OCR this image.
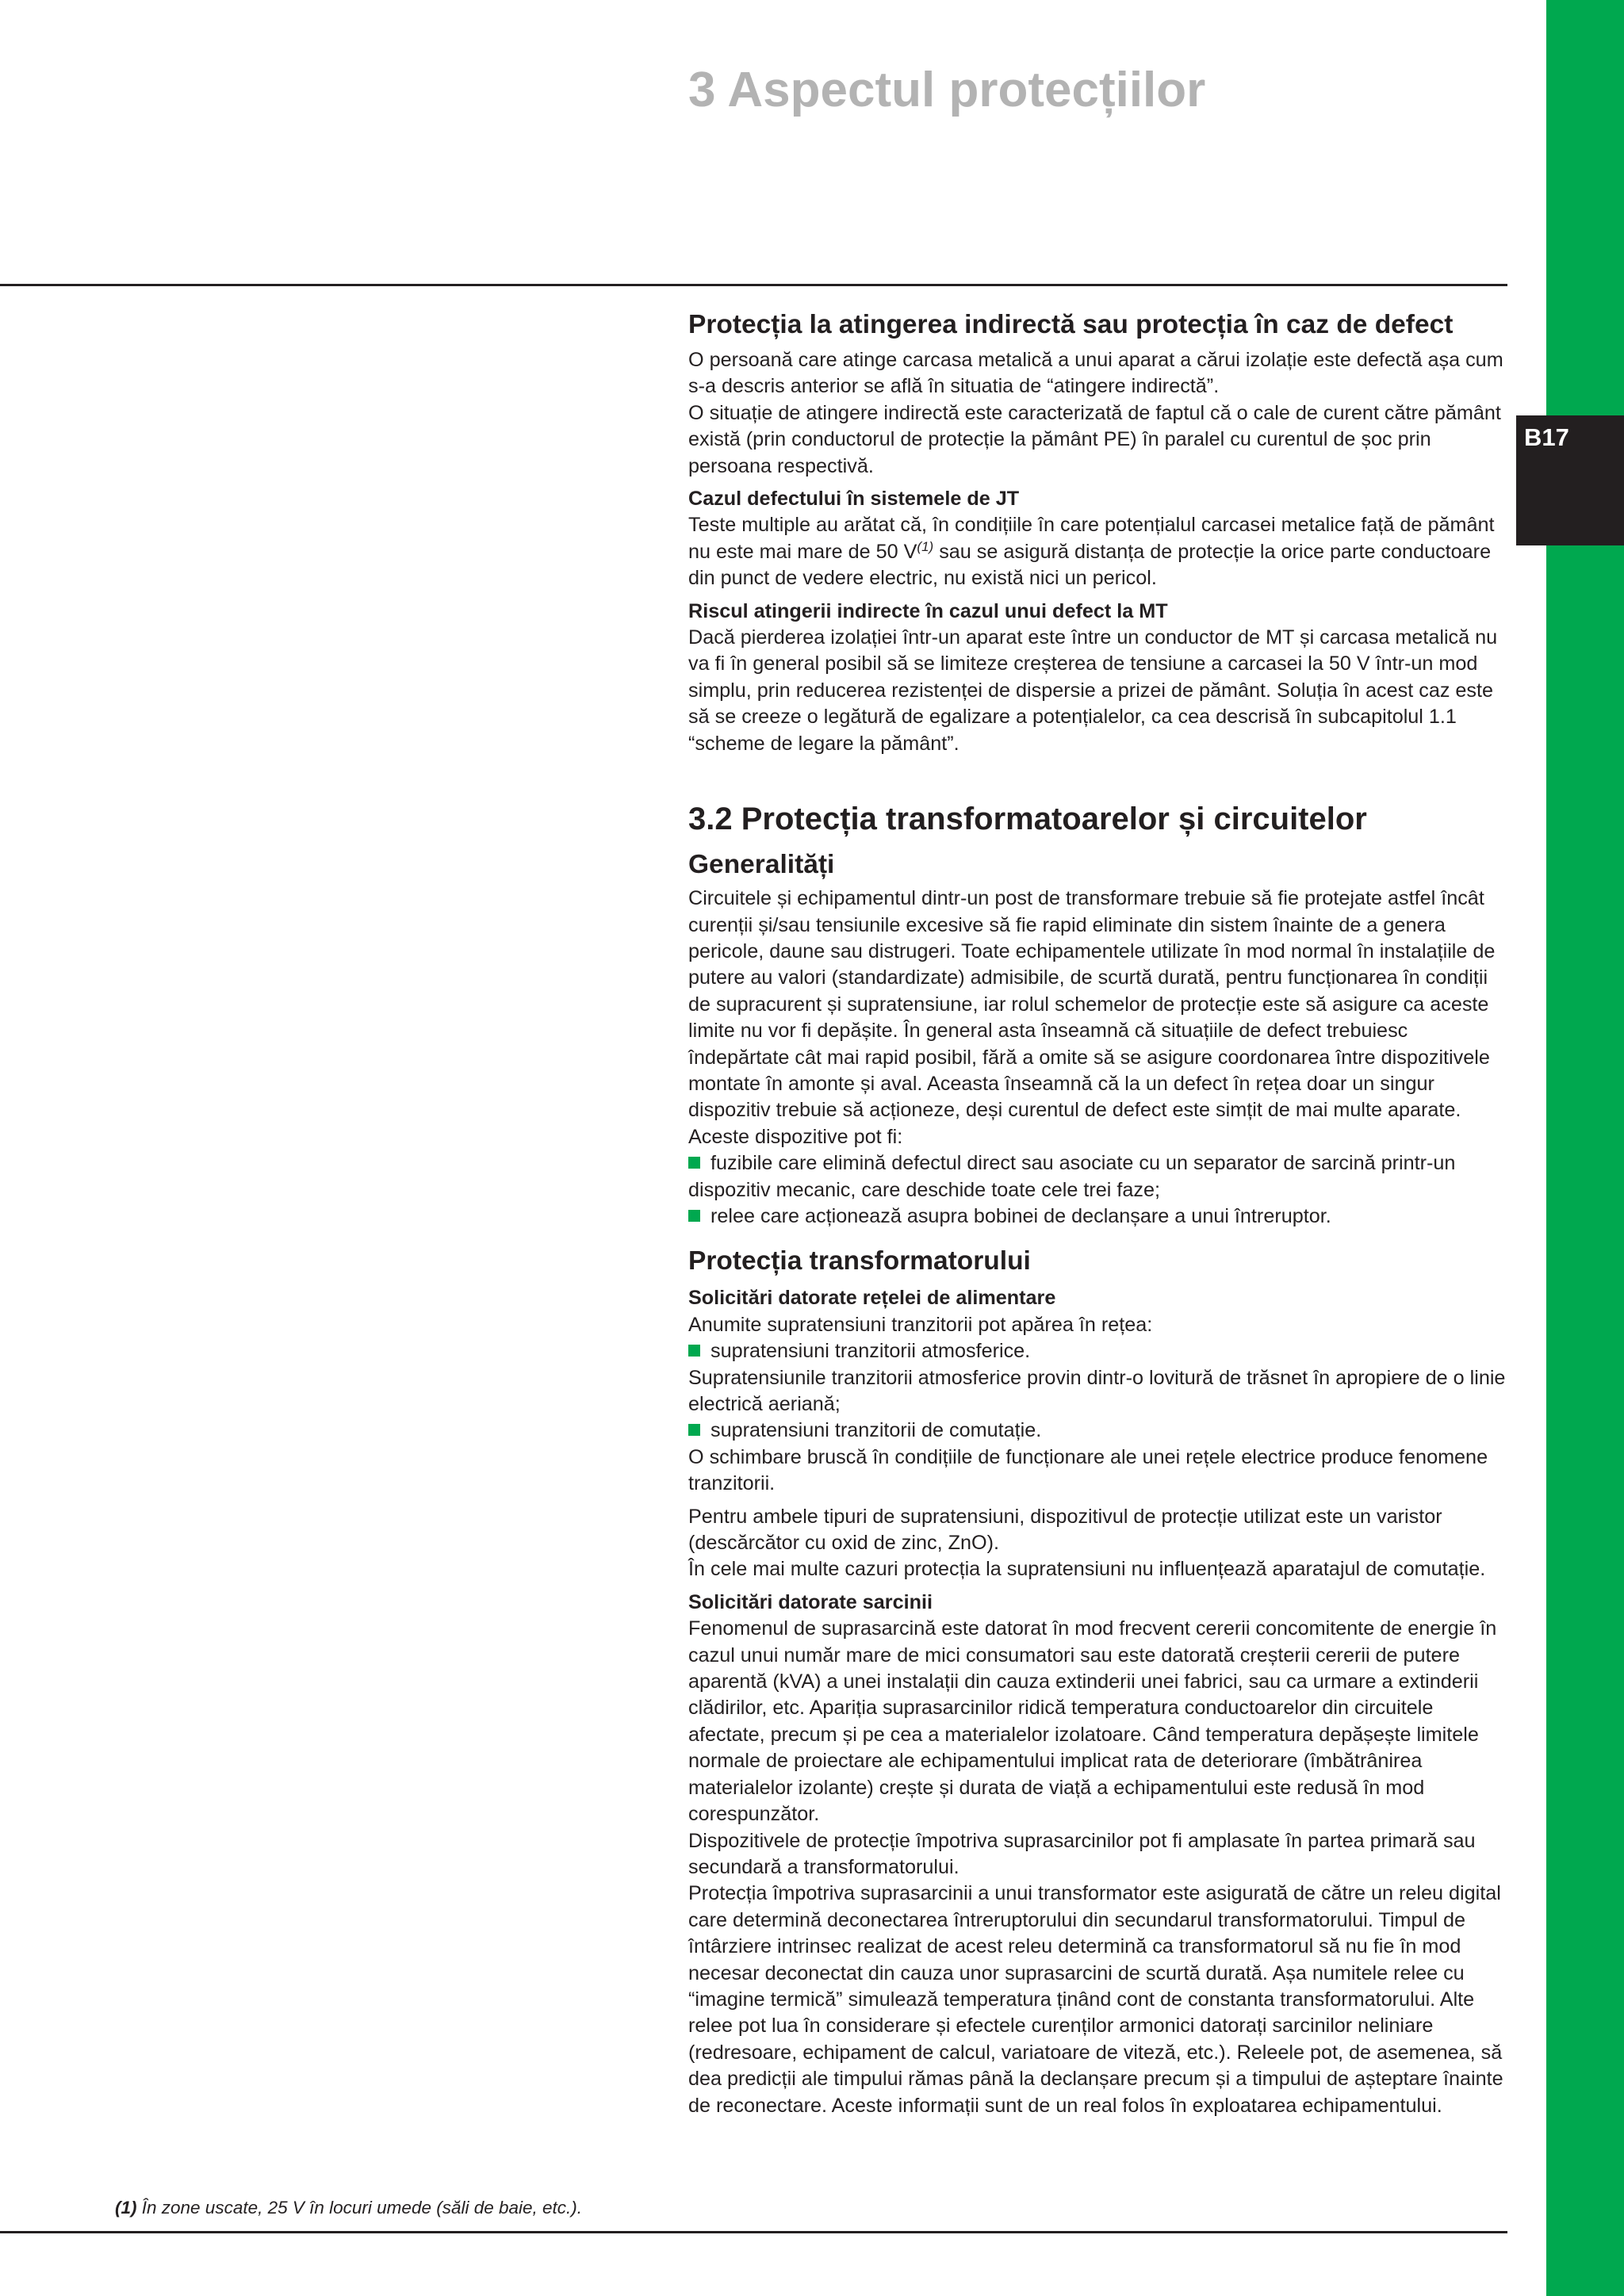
B17
3 Aspectul protecțiilor
Protecția la atingerea indirectă sau protecția în caz de defect

O persoană care atinge carcasa metalică a unui aparat a cărui izolație este defectă așa cum s-a descris anterior se află în situatia de “atingere indirectă”.

O situație de atingere indirectă este caracterizată de faptul că o cale de curent către pământ există (prin conductorul de protecție la pământ PE) în paralel cu curentul de șoc prin persoana respectivă.

Cazul defectului în sistemele de JT

Teste multiple au arătat că, în condițiile în care potențialul carcasei metalice față de pământ nu este mai mare de 50 V$^{(1)}$ sau se asigură distanța de protecție la orice parte conductoare din punct de vedere electric, nu există nici un pericol.

Riscul atingerii indirecte în cazul unui defect la MT

Dacă pierderea izolației într-un aparat este între un conductor de MT și carcasa metalică nu va fi în general posibil să se limiteze creșterea de tensiune a carcasei la 50 V într-un mod simplu, prin reducerea rezistenței de dispersie a prizei de pământ. Soluția în acest caz este să se creeze o legătură de egalizare a potențialelor, ca cea descrisă în subcapitolul 1.1 “scheme de legare la pământ”.

3.2 Protecția transformatoarelor și circuitelor
Generalități

Circuitele și echipamentul dintr-un post de transformare trebuie să fie protejate astfel încât curenții și/sau tensiunile excesive să fie rapid eliminate din sistem înainte de a genera pericole, daune sau distrugeri. Toate echipamentele utilizate în mod normal în instalațiile de putere au valori (standardizate) admisibile, de scurtă durată, pentru funcționarea în condiții de supracurent și supratensiune, iar rolul schemelor de protecție este să asigure ca aceste limite nu vor fi depășite. În general asta înseamnă că situațiile de defect trebuiesc îndepărtate cât mai rapid posibil, fără a omite să se asigure coordonarea între dispozitivele montate în amonte și aval. Aceasta înseamnă că la un defect în rețea doar un singur dispozitiv trebuie să acționeze, deși curentul de defect este simțit de mai multe aparate.

Aceste dispozitive pot fi:

fuzibile care elimină defectul direct sau asociate cu un separator de sarcină printr-un dispozitiv mecanic, care deschide toate cele trei faze;

relee care acționează asupra bobinei de declanșare a unui întreruptor.

Protecția transformatorului

Solicitări datorate rețelei de alimentare

Anumite supratensiuni tranzitorii pot apărea în rețea:

supratensiuni tranzitorii atmosferice.

Supratensiunile tranzitorii atmosferice provin dintr-o lovitură de trăsnet în apropiere de o linie electrică aeriană;

supratensiuni tranzitorii de comutație.

O schimbare bruscă în condițiile de funcționare ale unei rețele electrice produce fenomene tranzitorii.

Pentru ambele tipuri de supratensiuni, dispozitivul de protecție utilizat este un varistor (descărcător cu oxid de zinc, ZnO).

În cele mai multe cazuri protecția la supratensiuni nu influențează aparatajul de comutație.

Solicitări datorate sarcinii

Fenomenul de suprasarcină este datorat în mod frecvent cererii concomitente de energie în cazul unui număr mare de mici consumatori sau este datorată creșterii cererii de putere aparentă (kVA) a unei instalații din cauza extinderii unei fabrici, sau ca urmare a extinderii clădirilor, etc. Apariția suprasarcinilor ridică temperatura conductoarelor din circuitele afectate, precum și pe cea a materialelor izolatoare. Când temperatura depășește limitele normale de proiectare ale echipamentului implicat rata de deteriorare (îmbătrânirea materialelor izolante) crește și durata de viață a echipamentului este redusă în mod corespunzător.

Dispozitivele de protecție împotriva suprasarcinilor pot fi amplasate în partea primară sau secundară a transformatorului.

Protecția împotriva suprasarcinii a unui transformator este asigurată de către un releu digital care determină deconectarea întreruptorului din secundarul transformatorului. Timpul de întârziere intrinsec realizat de acest releu determină ca transformatorul să nu fie în mod necesar deconectat din cauza unor suprasarcini de scurtă durată. Așa numitele relee cu “imagine termică” simulează temperatura ținând cont de constanta transformatorului. Alte relee pot lua în considerare și efectele curenților armonici datorați sarcinilor neliniare (redresoare, echipament de calcul, variatoare de viteză, etc.). Releele pot, de asemenea, să dea predicții ale timpului rămas până la declanșare precum și a timpului de așteptare înainte de reconectare. Aceste informații sunt de un real folos în exploatarea echipamentului.

(1) În zone uscate, 25 V în locuri umede (săli de baie, etc.).
